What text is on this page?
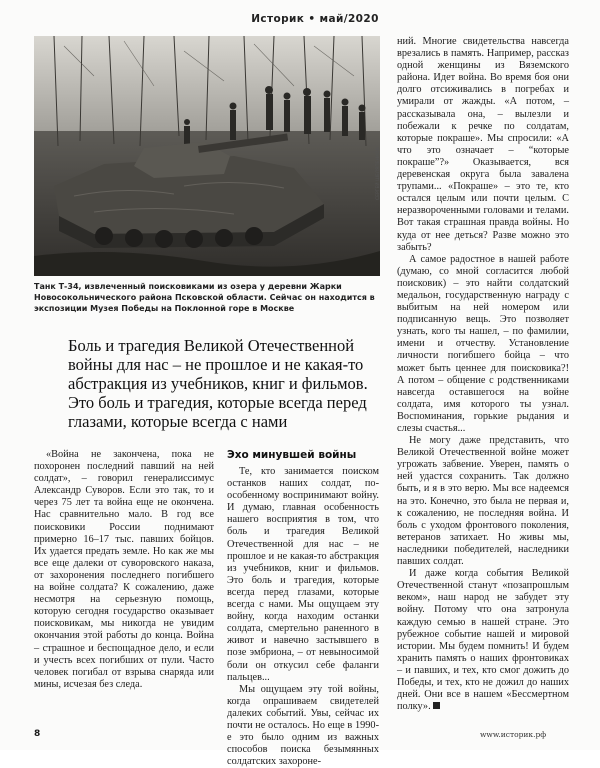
Историк • май/2020
СЕРГЕЙ ШЕЛЯПЕНКОВ
Танк Т-34, извлеченный поисковиками из озера у деревни Жарки Новосокольнического района Псковской области. Сейчас он находится в экспозиции Музея Победы на Поклонной горе в Москве
Боль и трагедия Великой Отечественной войны для нас – не прошлое и не какая-то абстракция из учебников, книг и фильмов. Это боль и трагедия, которые всегда перед глазами, которые всегда с нами

«Война не закончена, пока не похоронен последний павший на ней солдат», – говорил генералиссимус Александр Суворов. Если это так, то и через 75 лет та война еще не окончена. Нас сравнительно мало. В год все поисковики России поднимают примерно 16–17 тыс. павших бойцов. Их удается предать земле. Но как же мы все еще далеки от суворовского наказа, от захоронения последнего погибшего на войне солдата? К сожалению, даже несмотря на серьезную помощь, которую сегодня государство оказывает поисковикам, мы никогда не увидим окончания этой работы до конца. Война – страшное и беспощадное дело, и если и учесть всех погибших от пули. Часто человек погибал от взрыва снаряда или мины, исчезая без следа.

Эхо минувшей войны

Те, кто занимается поиском останков наших солдат, по-особенному воспринимают войну. И думаю, главная особенность нашего восприятия в том, что боль и трагедия Великой Отечественной для нас – не прошлое и не какая-то абстракция из учебников, книг и фильмов. Это боль и трагедия, которые всегда перед глазами, которые всегда с нами. Мы ощущаем эту войну, когда находим останки солдата, смертельно раненного в живот и навечно застывшего в позе эмбриона, – от невыносимой боли он откусил себе фаланги пальцев...

Мы ощущаем эту той войны, когда опрашиваем свидетелей далеких событий. Увы, сейчас их почти не осталось. Но еще в 1990-е это было одним из важных способов поиска безымянных солдатских захороне-

ний. Многие свидетельства навсегда врезались в память. Например, рассказ одной женщины из Вяземского района. Идет война. Во время боя они долго отсиживались в погребах и умирали от жажды. «А потом, – рассказывала она, – вылезли и побежали к речке по солдатам, которые покраше». Мы спросили: «А что это означает – “которые покраше”?» Оказывается, вся деревенская округа была завалена трупами... «Покраше» – это те, кто остался целым или почти целым. С неразвороченными головами и телами. Вот такая страшная правда войны. Но куда от нее деться? Разве можно это забыть?

А самое радостное в нашей работе (думаю, со мной согласится любой поисковик) – это найти солдатский медальон, государственную награду с выбитым на ней номером или подписанную вещь. Это позволяет узнать, кого ты нашел, – по фамилии, имени и отчеству. Установление личности погибшего бойца – что может быть ценнее для поисковика?! А потом – общение с родственниками навсегда оставшегося на войне солдата, имя которого ты узнал. Воспоминания, горькие рыдания и слезы счастья...

Не могу даже представить, что Великой Отечественной войне может угрожать забвение. Уверен, память о ней удастся сохранить. Так должно быть, и я в это верю. Мы все надеемся на это. Конечно, это была не первая и, к сожалению, не последняя война. И боль с уходом фронтового поколения, ветеранов затихает. Но живы мы, наследники победителей, наследники павших солдат.

И даже когда события Великой Отечественной станут «позапрошлым веком», наш народ не забудет эту войну. Потому что она затронула каждую семью в нашей стране. Это рубежное событие нашей и мировой истории. Мы будем помнить! И будем хранить память о наших фронтовиках – и павших, и тех, кто смог дожить до Победы, и тех, кто не дожил до наших дней. Они все в нашем «Бессмертном полку».

8	www.историк.рф
